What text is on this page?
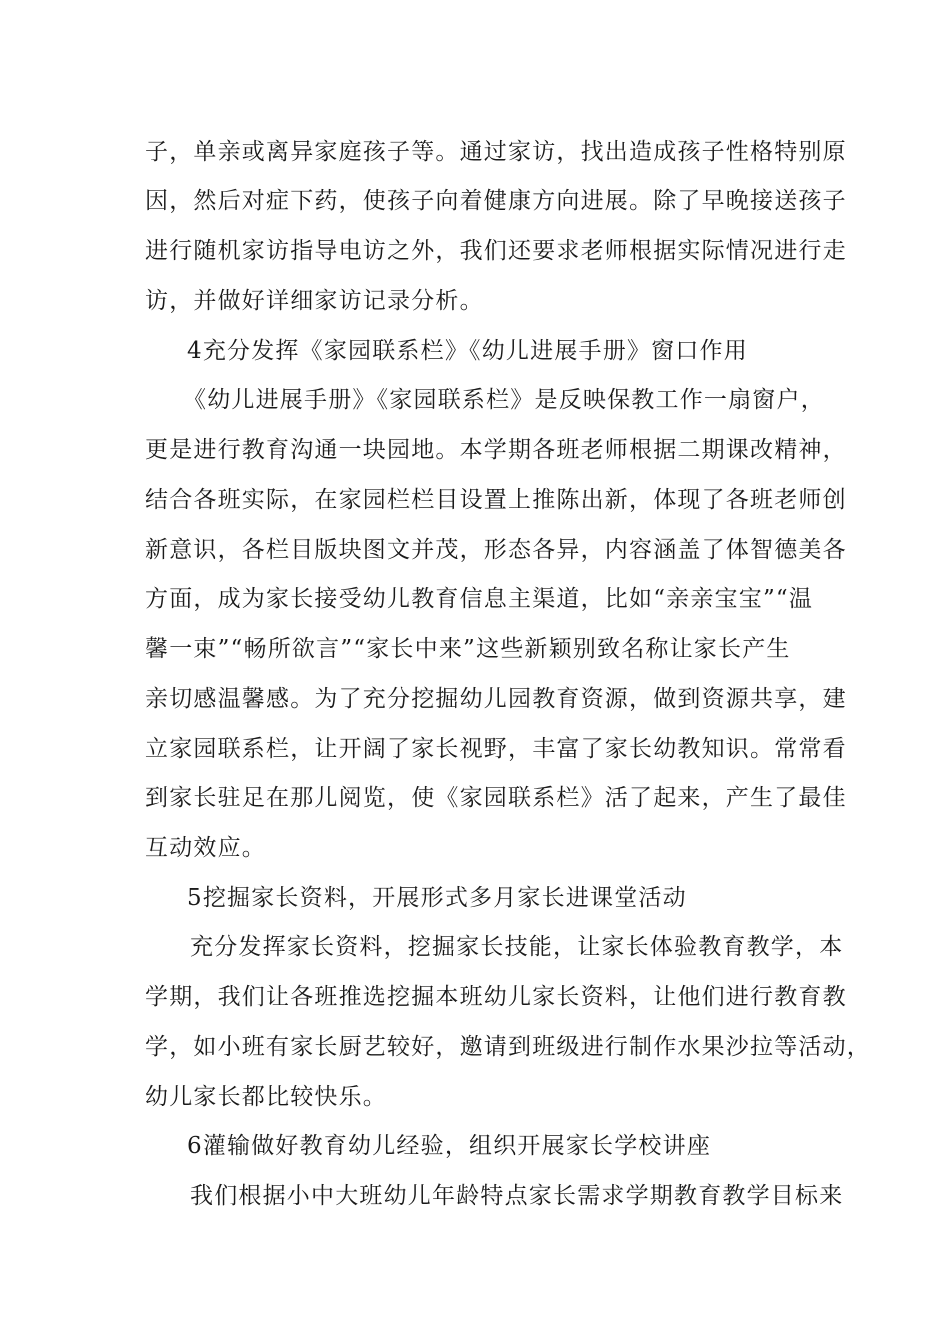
子，单亲或离异家庭孩子等。通过家访，找出造成孩子性格特别原
因，然后对症下药，使孩子向着健康方向进展。除了早晚接送孩子
进行随机家访指导电访之外，我们还要求老师根据实际情况进行走
访，并做好详细家访记录分析。
4充分发挥《家园联系栏》《幼儿进展手册》窗口作用
《幼儿进展手册》《家园联系栏》是反映保教工作一扇窗户，
更是进行教育沟通一块园地。本学期各班老师根据二期课改精神，
结合各班实际，在家园栏栏目设置上推陈出新，体现了各班老师创
新意识，各栏目版块图文并茂，形态各异，内容涵盖了体智德美各
方面，成为家长接受幼儿教育信息主渠道，比如“亲亲宝宝”“温
馨一束”“畅所欲言”“家长中来”这些新颖别致名称让家长产生
亲切感温馨感。为了充分挖掘幼儿园教育资源，做到资源共享，建
立家园联系栏，让开阔了家长视野，丰富了家长幼教知识。常常看
到家长驻足在那儿阅览，使《家园联系栏》活了起来，产生了最佳
互动效应。
5挖掘家长资料，开展形式多月家长进课堂活动
充分发挥家长资料，挖掘家长技能，让家长体验教育教学，本
学期，我们让各班推选挖掘本班幼儿家长资料，让他们进行教育教
学，如小班有家长厨艺较好，邀请到班级进行制作水果沙拉等活动，
幼儿家长都比较快乐。
6灌输做好教育幼儿经验，组织开展家长学校讲座
我们根据小中大班幼儿年龄特点家长需求学期教育教学目标来
